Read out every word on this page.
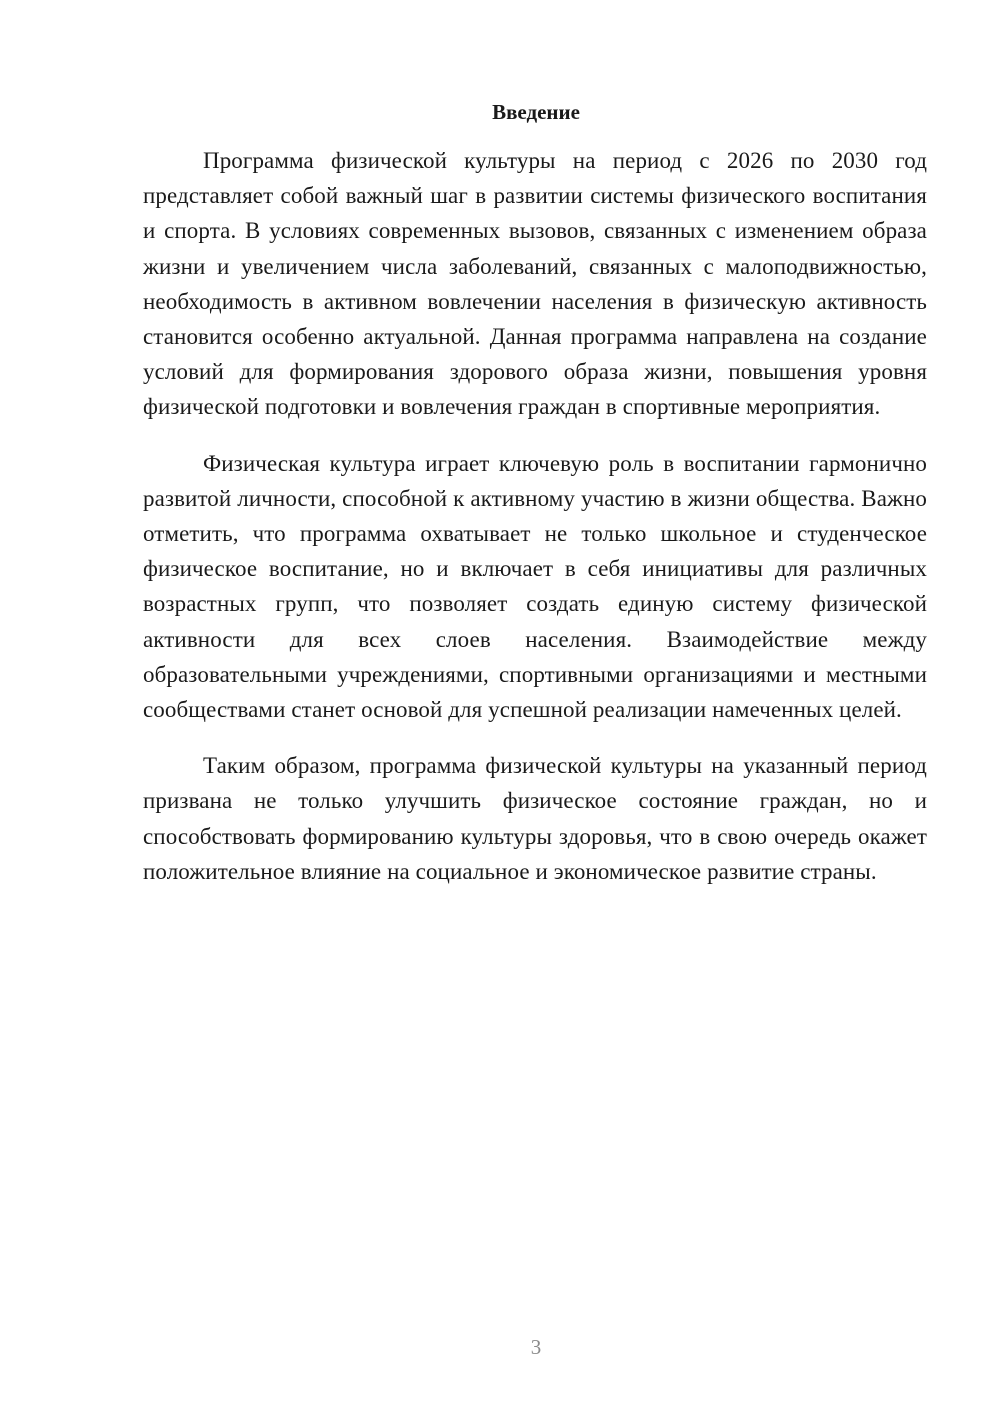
Введение

Программа физической культуры на период с 2026 по 2030 год представляет собой важный шаг в развитии системы физического воспитания и спорта. В условиях современных вызовов, связанных с изменением образа жизни и увеличением числа заболеваний, связанных с малоподвижностью, необходимость в активном вовлечении населения в физическую активность становится особенно актуальной. Данная программа направлена на создание условий для формирования здорового образа жизни, повышения уровня физической подготовки и вовлечения граждан в спортивные мероприятия.

Физическая культура играет ключевую роль в воспитании гармонично развитой личности, способной к активному участию в жизни общества. Важно отметить, что программа охватывает не только школьное и студенческое физическое воспитание, но и включает в себя инициативы для различных возрастных групп, что позволяет создать единую систему физической активности для всех слоев населения. Взаимодействие между образовательными учреждениями, спортивными организациями и местными сообществами станет основой для успешной реализации намеченных целей.

Таким образом, программа физической культуры на указанный период призвана не только улучшить физическое состояние граждан, но и способствовать формированию культуры здоровья, что в свою очередь окажет положительное влияние на социальное и экономическое развитие страны.

3
